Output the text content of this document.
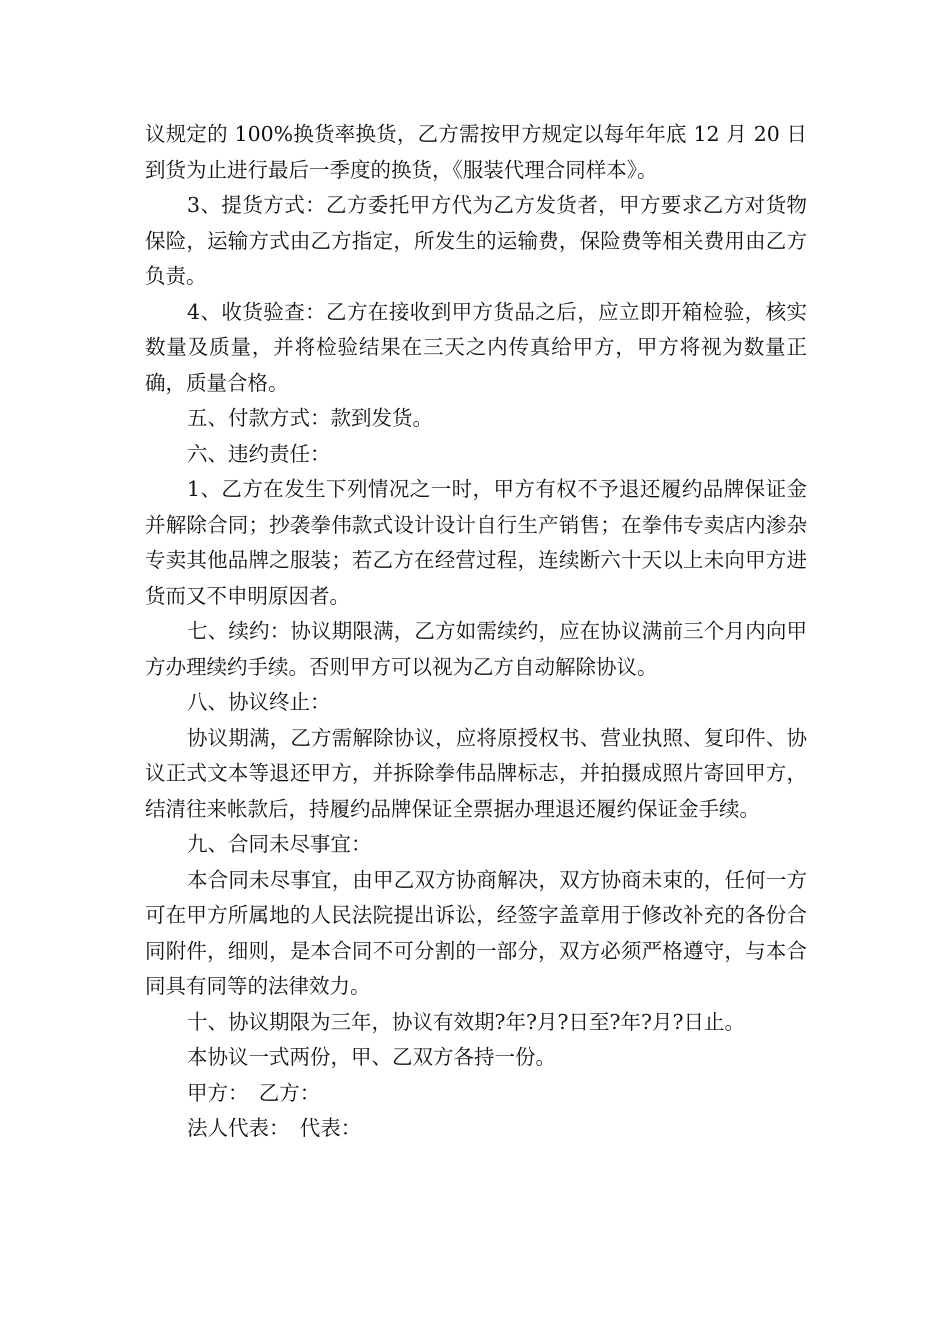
议规定的 100%换货率换货，乙方需按甲方规定以每年年底 12 月 20 日到货为止进行最后一季度的换货，《服装代理合同样本》。

3、提货方式：乙方委托甲方代为乙方发货者，甲方要求乙方对货物保险，运输方式由乙方指定，所发生的运输费，保险费等相关费用由乙方负责。

4、收货验查：乙方在接收到甲方货品之后，应立即开箱检验，核实数量及质量，并将检验结果在三天之内传真给甲方，甲方将视为数量正确，质量合格。

五、付款方式：款到发货。

六、违约责任：

1、乙方在发生下列情况之一时，甲方有权不予退还履约品牌保证金并解除合同；抄袭拳伟款式设计设计自行生产销售；在拳伟专卖店内渗杂专卖其他品牌之服装；若乙方在经营过程，连续断六十天以上未向甲方进货而又不申明原因者。

七、续约：协议期限满，乙方如需续约，应在协议满前三个月内向甲方办理续约手续。否则甲方可以视为乙方自动解除协议。

八、协议终止：

协议期满，乙方需解除协议，应将原授权书、营业执照、复印件、协议正式文本等退还甲方，并拆除拳伟品牌标志，并拍摄成照片寄回甲方，结清往来帐款后，持履约品牌保证全票据办理退还履约保证金手续。

九、合同未尽事宜：

本合同未尽事宜，由甲乙双方协商解决，双方协商未束的，任何一方可在甲方所属地的人民法院提出诉讼，经签字盖章用于修改补充的各份合同附件，细则，是本合同不可分割的一部分，双方必须严格遵守，与本合同具有同等的法律效力。

十、协议期限为三年，协议有效期?年?月?日至?年?月?日止。

本协议一式两份，甲、乙双方各持一份。

甲方：　乙方：

法人代表：　代表：
